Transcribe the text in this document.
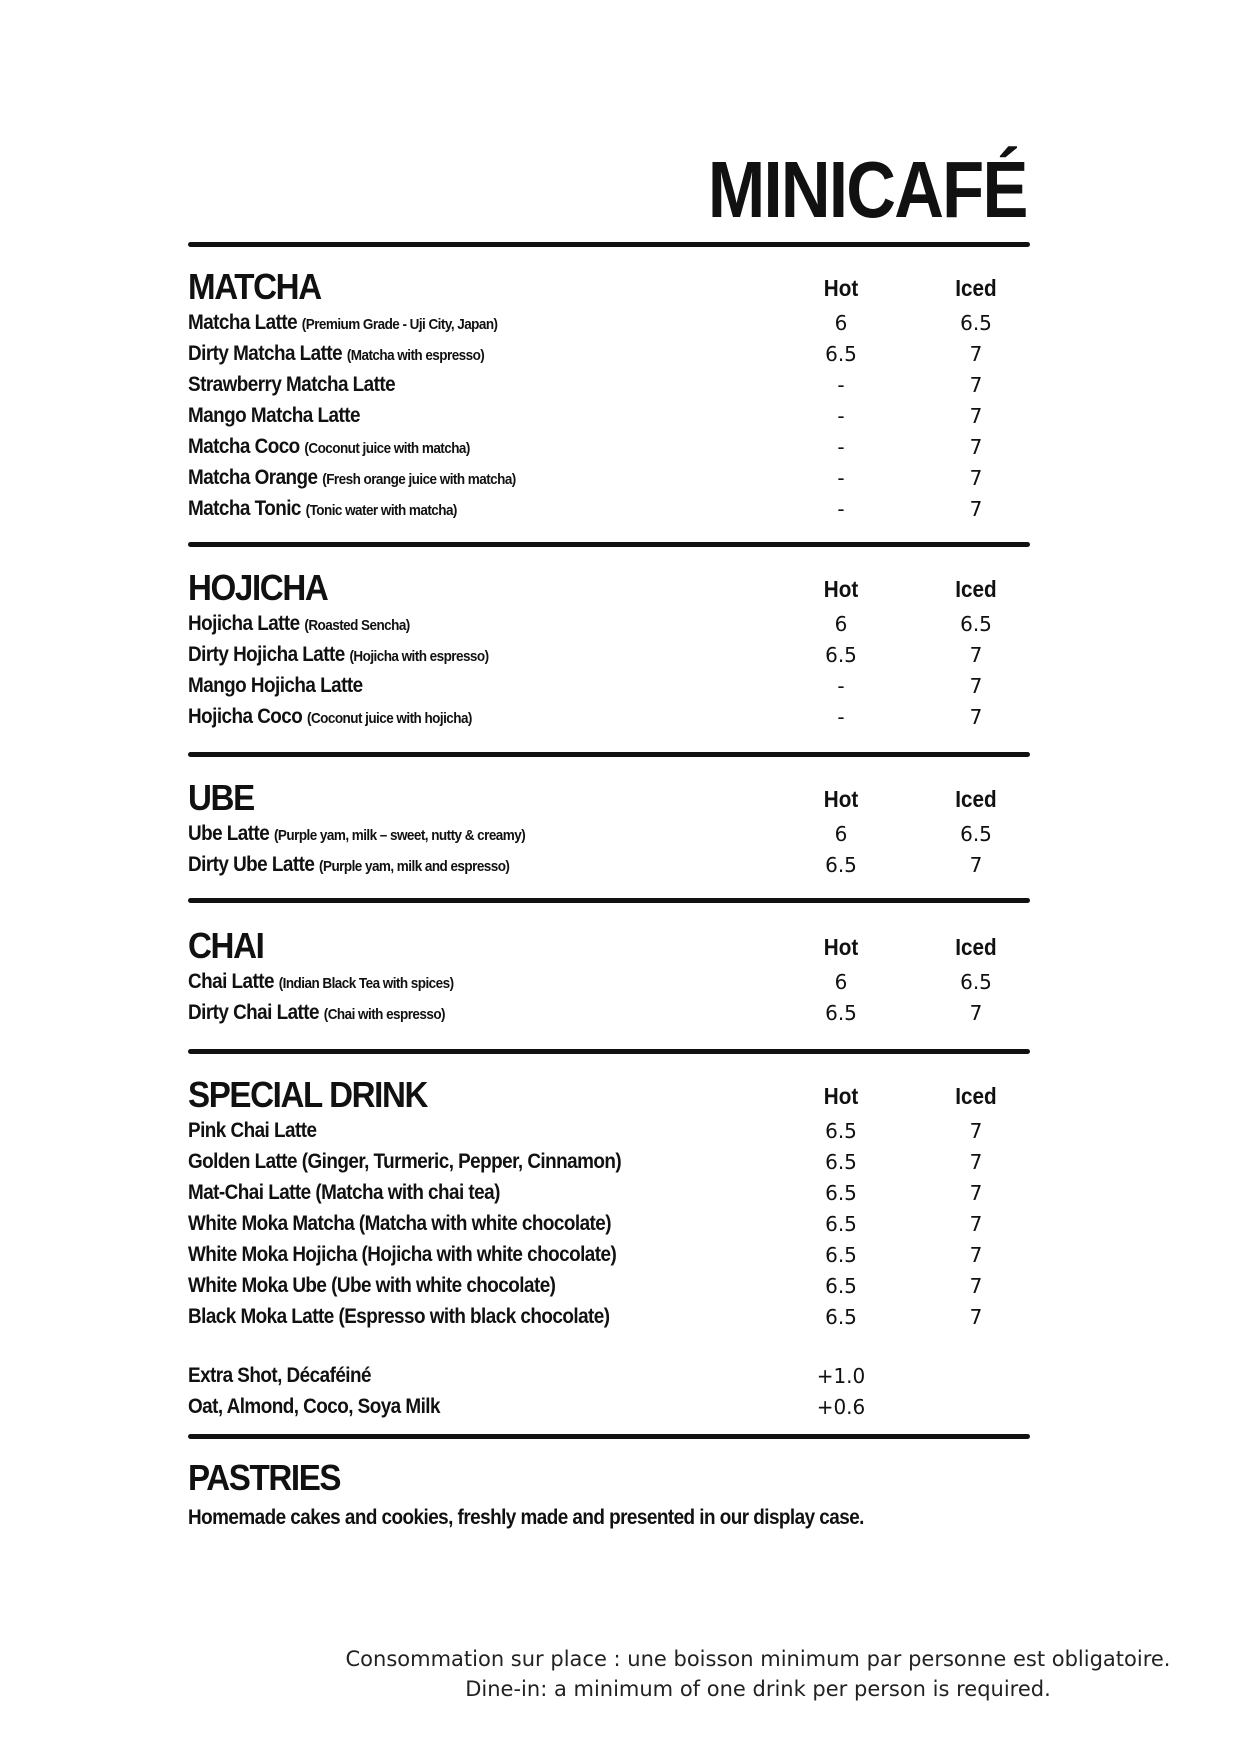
MINICAFÉ
MATCHA	Hot	Iced
Matcha Latte (Premium Grade - Uji City, Japan)	6	6.5
Dirty Matcha Latte (Matcha with espresso)	6.5	7
Strawberry Matcha Latte	-	7
Mango Matcha Latte	-	7
Matcha Coco (Coconut juice with matcha)	-	7
Matcha Orange (Fresh orange juice with matcha)	-	7
Matcha Tonic (Tonic water with matcha)	-	7
HOJICHA	Hot	Iced
Hojicha Latte (Roasted Sencha)	6	6.5
Dirty Hojicha Latte (Hojicha with espresso)	6.5	7
Mango Hojicha Latte	-	7
Hojicha Coco (Coconut juice with hojicha)	-	7
UBE	Hot	Iced
Ube Latte (Purple yam, milk – sweet, nutty & creamy)	6	6.5
Dirty Ube Latte (Purple yam, milk and espresso)	6.5	7
CHAI	Hot	Iced
Chai Latte (Indian Black Tea with spices)	6	6.5
Dirty Chai Latte (Chai with espresso)	6.5	7
SPECIAL DRINK	Hot	Iced
Pink Chai Latte	6.5	7
Golden Latte (Ginger, Turmeric, Pepper, Cinnamon)	6.5	7
Mat-Chai Latte (Matcha with chai tea)	6.5	7
White Moka Matcha (Matcha with white chocolate)	6.5	7
White Moka Hojicha (Hojicha with white chocolate)	6.5	7
White Moka Ube (Ube with white chocolate)	6.5	7
Black Moka Latte (Espresso with black chocolate)	6.5	7
Extra Shot, Décaféiné	+1.0
Oat, Almond, Coco, Soya Milk	+0.6
PASTRIES
Homemade cakes and cookies, freshly made and presented in our display case.
Consommation sur place : une boisson minimum par personne est obligatoire.
Dine-in: a minimum of one drink per person is required.
